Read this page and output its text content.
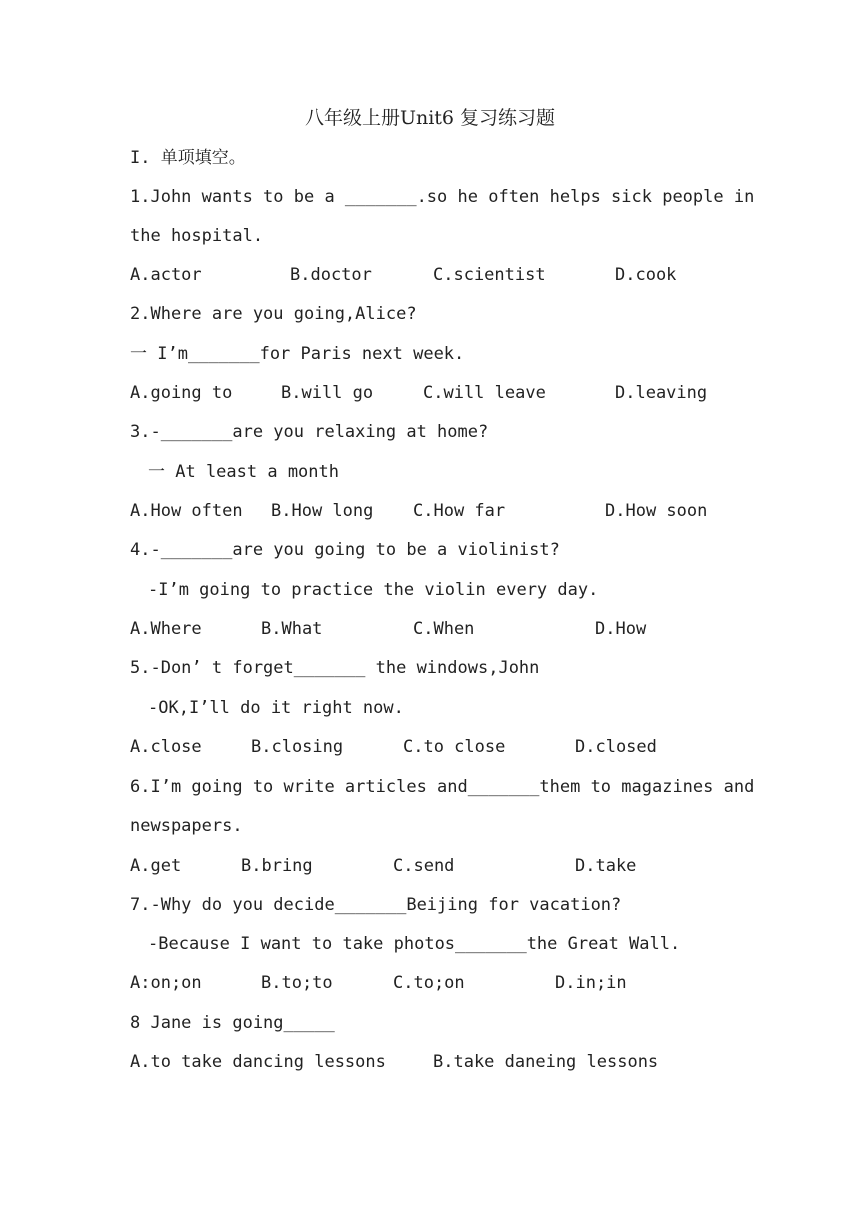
八年级上册Unit6 复习练习题
I. 单项填空。
1.John wants to be a _______.so he often helps sick people in
the hospital.
A.actor	B.doctor	C.scientist	D.cook
2.Where are you going,Alice?
一 I’m_______for Paris next week.
A.going to	B.will go	C.will leave	D.leaving
3.-_______are you relaxing at home?
一 At least a month
A.How often B.How long C.How far	D.How soon
4.-_______are you going to be a violinist?
-I’m going to practice the violin every day.
A.Where	B.What	C.When	D.How
5.-Don’ t forget_______ the windows,John
-OK,I’ll do it right now.
A.close	B.closing	C.to close	D.closed
6.I’m going to write articles and_______them to magazines and
newspapers.
A.get	B.bring	C.send	D.take
7.-Why do you decide_______Beijing for vacation?
-Because I want to take photos_______the Great Wall.
A:on;on	B.to;to	C.to;on	D.in;in
8 Jane is going_____
A.to take dancing lessons	B.take daneing lessons
